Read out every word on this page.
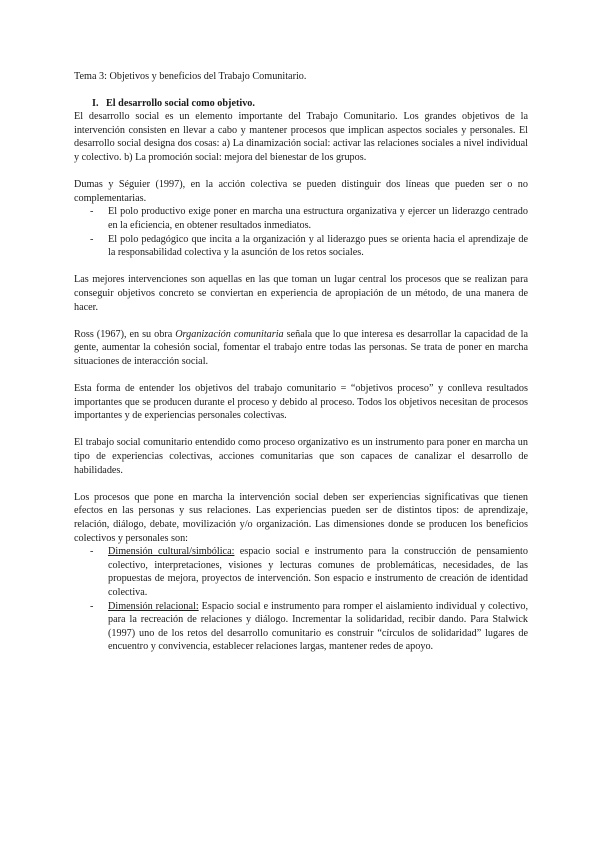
Tema 3: Objetivos y beneficios del Trabajo Comunitario.

I. El desarrollo social como objetivo.

El desarrollo social es un elemento importante del Trabajo Comunitario. Los grandes objetivos de la intervención consisten en llevar a cabo y mantener procesos que implican aspectos sociales y personales. El desarrollo social designa dos cosas: a) La dinamización social: activar las relaciones sociales a nivel individual y colectivo. b) La promoción social: mejora del bienestar de los grupos.

Dumas y Séguier (1997), en la acción colectiva se pueden distinguir dos líneas que pueden ser o no complementarias.

- El polo productivo exige poner en marcha una estructura organizativa y ejercer un liderazgo centrado en la eficiencia, en obtener resultados inmediatos.
- El polo pedagógico que incita a la organización y al liderazgo pues se orienta hacia el aprendizaje de la responsabilidad colectiva y la asunción de los retos sociales.

Las mejores intervenciones son aquellas en las que toman un lugar central los procesos que se realizan para conseguir objetivos concreto se conviertan en experiencia de apropiación de un método, de una manera de hacer.

Ross (1967), en su obra Organización comunitaria señala que lo que interesa es desarrollar la capacidad de la gente, aumentar la cohesión social, fomentar el trabajo entre todas las personas. Se trata de poner en marcha situaciones de interacción social.

Esta forma de entender los objetivos del trabajo comunitario = “objetivos proceso” y conlleva resultados importantes que se producen durante el proceso y debido al proceso. Todos los objetivos necesitan de procesos importantes y de experiencias personales colectivas.

El trabajo social comunitario entendido como proceso organizativo es un instrumento para poner en marcha un tipo de experiencias colectivas, acciones comunitarias que son capaces de canalizar el desarrollo de habilidades.

Los procesos que pone en marcha la intervención social deben ser experiencias significativas que tienen efectos en las personas y sus relaciones. Las experiencias pueden ser de distintos tipos: de aprendizaje, relación, diálogo, debate, movilización y/o organización. Las dimensiones donde se producen los beneficios colectivos y personales son:

- Dimensión cultural/simbólica: espacio social e instrumento para la construcción de pensamiento colectivo, interpretaciones, visiones y lecturas comunes de problemáticas, necesidades, de las propuestas de mejora, proyectos de intervención. Son espacio e instrumento de creación de identidad colectiva.
- Dimensión relacional: Espacio social e instrumento para romper el aislamiento individual y colectivo, para la recreación de relaciones y diálogo. Incrementar la solidaridad, recibir dando. Para Stalwick (1997) uno de los retos del desarrollo comunitario es construir “círculos de solidaridad” lugares de encuentro y convivencia, establecer relaciones largas, mantener redes de apoyo.
